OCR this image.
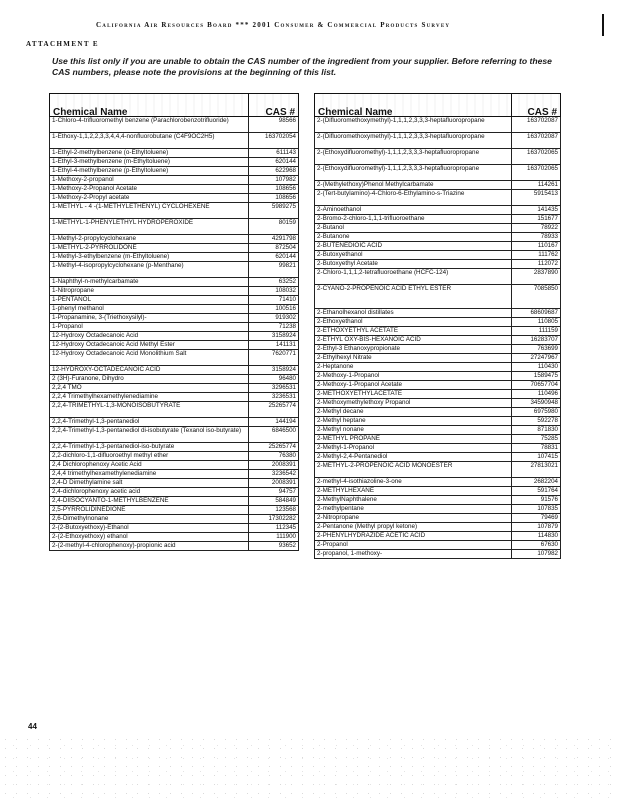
California Air Resources Board *** 2001 Consumer & Commercial Products Survey
ATTACHMENT E
Use this list only if you are unable to obtain the CAS number of the ingredient from your supplier. Before referring to these CAS numbers, please note the provisions at the beginning of this list.
Chemical Name	CAS #
1-Chloro-4-trifluoromethyl benzene (Parachlorobenzotrifluoride)	98566
1-Ethoxy-1,1,2,2,3,3,4,4,4-nonfluorobutane (C4F9OC2H5)	163702054
1-Ethyl-2-methylbenzene (o-Ethyltoluene)	611143
1-Ethyl-3-methylbenzene (m-Ethyltoluene)	620144
1-Ethyl-4-methylbenzene (p-Ethyltoluene)	622968
1-Methoxy-2-propanol	107982
1-Methoxy-2-Propanol Acetate	108656
1-Methoxy-2-Propyl acetate	108656
1-METHYL - 4 -(1-METHYLETHENYL) CYCLOHEXENE	5989275
1-METHYL-1-PHENYLETHYL HYDROPEROXIDE	80159
1-Methyl-2-propylcyclohexane	4291798
1-METHYL-2-PYRROLIDONE	872504
1-Methyl-3-ethylbenzene (m-Ethyltoluene)	620144
1-Methyl-4-isopropylcyclohexane (p-Menthane)	99821
1-Naphthyl-n-methylcarbamate	63252
1-Nitropropane	108032
1-PENTANOL	71410
1-phenyl methanol	100516
1-Propanamine, 3-(Triethoxysilyl)-	919302
1-Propanol	71238
12-Hydroxy Octadecanoic Acid	3158924
12-Hydroxy Octadecanoic Acid Methyl Ester	141131
12-Hydroxy Octadecanoic Acid Monolithium Salt	7620771
12-HYDROXY-OCTADECANOIC ACID	3158924
2 (3H)-Furanone, Dihydro	96480
2,2,4 TMO	3296531
2,2,4 Trimethylhexamethylenediamine	3236531
2,2,4-TRIMETHYL-1,3-MONOISOBUTYRATE	25265774
2,2,4-Trimethyl-1,3-pentanediol	144194
2,2,4-Trimethyl-1,3-pentanediol di-isobutyrate (Texanol iso-butyrate)	6846500
2,2,4-Trimethyl-1,3-pentanediol-iso-butyrate	25265774
2,2-dichloro-1,1-difluoroethyl methyl ether	76380
2,4 Dichlorophenoxy Acetic Acid	2008391
2,4,4 trimethylhexamethylenediamine	3236542
2,4-D Dimethylamine salt	2008391
2,4-dichlorophenoxy acetic acid	94757
2,4-DIISOCYANTO-1-METHYLBENZENE	584849
2,5-PYRROLIDINEDIONE	123568
2,6-Dimethylnonane	17302282
2-(2-Butoxyethoxy)-Ethanol	112345
2-(2-Ethoxyethoxy) ethanol	111900
2-(2-methyl-4-chlorophenoxy)-propionic acid	93652
Chemical Name	CAS #
2-(Difluoromethoxymethyl)-1,1,1,2,3,3,3-heptafluoropropane	163702087
2-(Difluoromethoxymethyl)-1,1,1,2,3,3,3-heptafluoropropane	163702087
2-(Ethoxydifluoromethyl)-1,1,1,2,3,3,3-heptafluoropropane	163702065
2-(Ethoxydifluoromethyl)-1,1,1,2,3,3,3-heptafluoropropane	163702065
2-(Methylethoxy)Phenol Methylcarbamate	114261
2-(Tert-butylamino)-4-Chloro-6-Ethylamino-s-Triazine	5915413
2-Aminoethanol	141435
2-Bromo-2-chloro-1,1,1-trifluoroethane	151677
2-Butanol	78922
2-Butanone	78933
2-BUTENEDIOIC ACID	110167
2-Butoxyethanol	111762
2-Butoxyethyl Acetate	112072
2-Chloro-1,1,1,2-tetrafluoroethane (HCFC-124)	2837890
2-CYANO-2-PROPENOIC ACID ETHYL ESTER	7085850
2-Ethanolhexanol distillates	68609687
2-Ethoxyethanol	110805
2-ETHOXYETHYL ACETATE	111159
2-ETHYL OXY-BIS-HEXANOIC ACID	16283707
2-Ethyl-3 Ethanoxypropionate	763699
2-Ethylhexyl Nitrate	27247967
2-Heptanone	110430
2-Methoxy-1-Propanol	1589475
2-Methoxy-1-Propanol Acetate	70657704
2-METHOXYETHYLACETATE	110496
2-Methoxymethylethoxy Propanol	34590948
2-Methyl decane	6975980
2-Methyl heptane	592278
2-Methyl nonane	871830
2-METHYL PROPANE	75285
2-Methyl-1-Propanol	78831
2-Methyl-2,4-Pentanediol	107415
2-METHYL-2-PROPENOIC ACID MONOESTER	27813021
2-methyl-4-isothiazoline-3-one	2682204
2-METHYLHEXANE	591764
2-MethylNaphthalene	91576
2-methylpentane	107835
2-Nitropropane	79469
2-Pentanone (Methyl propyl ketone)	107879
2-PHENYLHYDRAZIDE ACETIC ACID	114830
2-Propanol	67630
2-propanol, 1-methoxy-	107982
44
